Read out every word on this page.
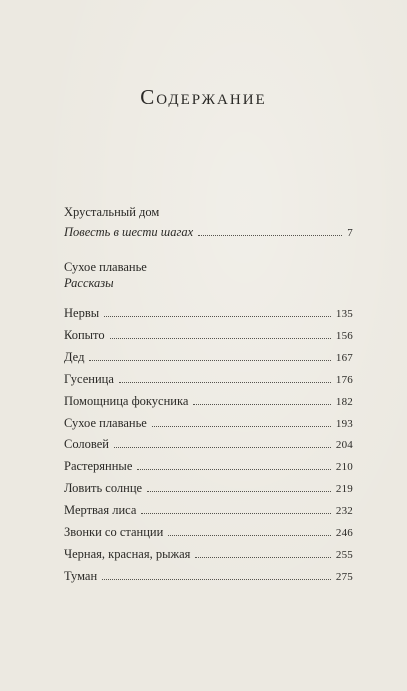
Содержание
Хрустальный дом
Повесть в шести шагах	7
Сухое плаванье
Рассказы
Нервы	135
Копыто	156
Дед	167
Гусеница	176
Помощница фокусника	182
Сухое плаванье	193
Соловей	204
Растерянные	210
Ловить солнце	219
Мертвая лиса	232
Звонки со станции	246
Черная, красная, рыжая	255
Туман	275
